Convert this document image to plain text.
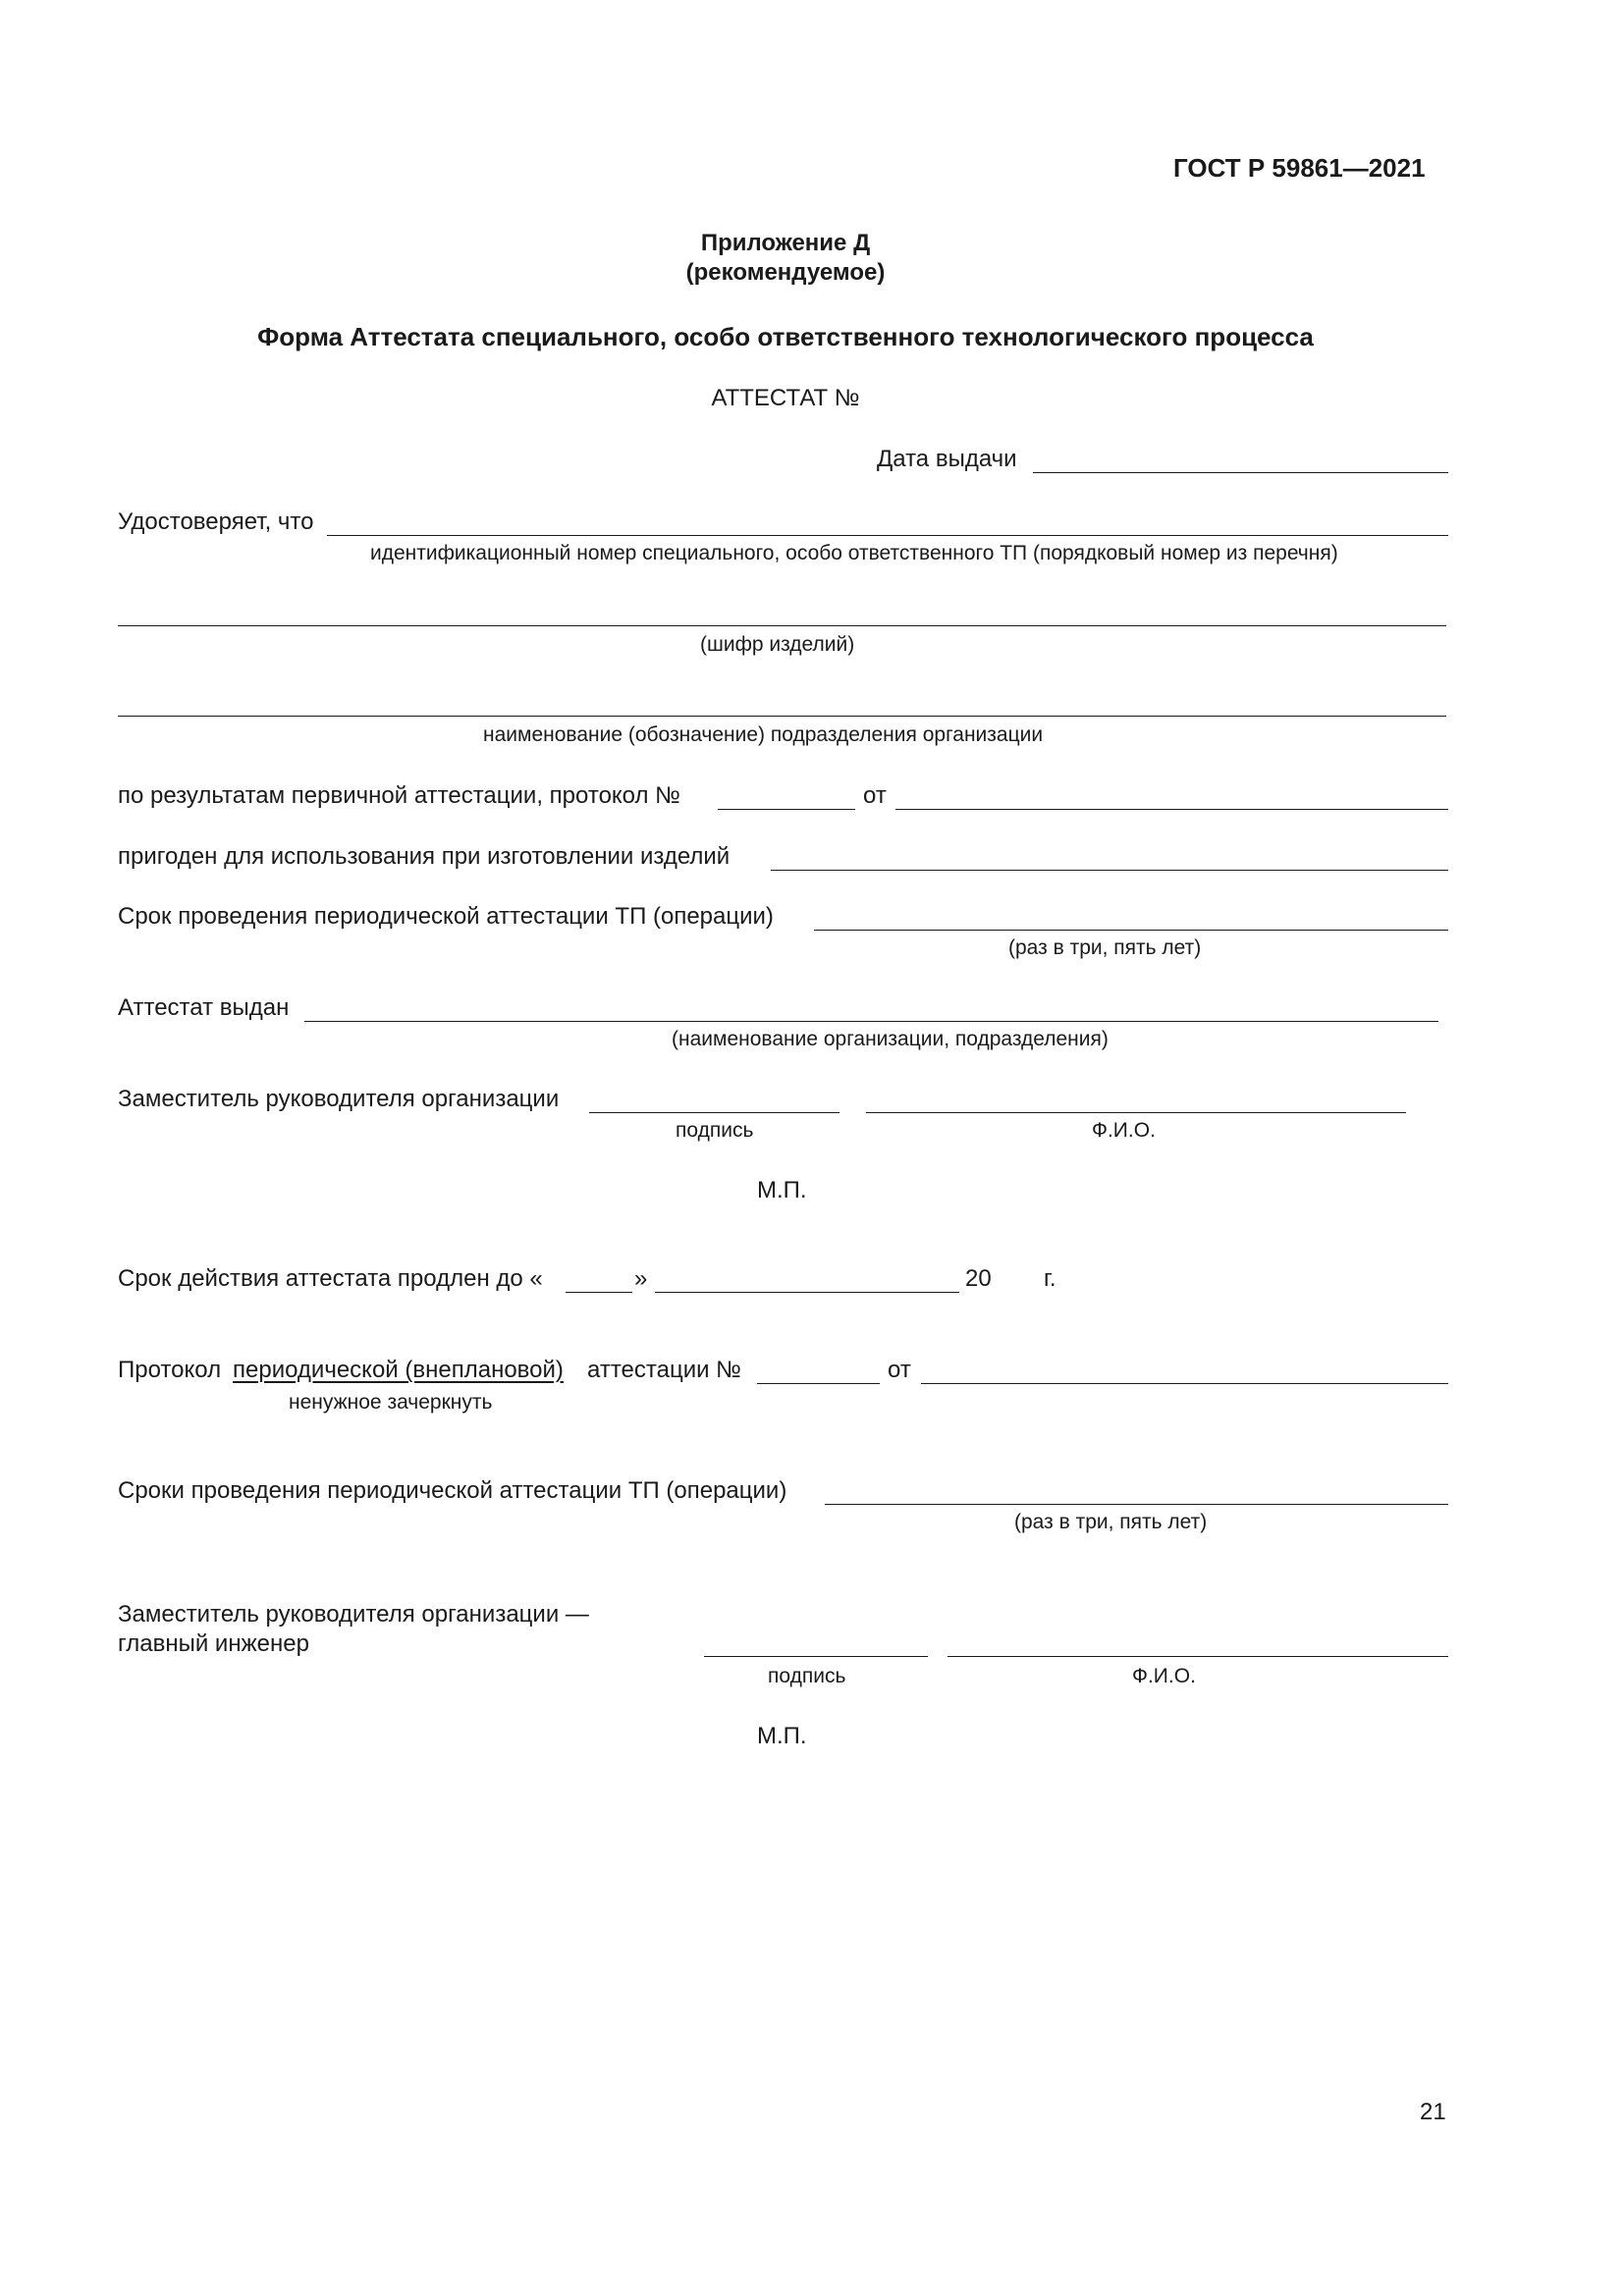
ГОСТ Р 59861—2021
Приложение Д
(рекомендуемое)
Форма Аттестата специального, особо ответственного технологического процесса
АТТЕСТАТ №
Дата выдачи
Удостоверяет, что
идентификационный номер специального, особо ответственного ТП (порядковый номер из перечня)
(шифр изделий)
наименование (обозначение) подразделения организации
по результатам первичной аттестации, протокол №	от
пригоден для использования при изготовлении изделий
Срок проведения периодической аттестации ТП (операции)
(раз в три, пять лет)
Аттестат выдан
(наименование организации, подразделения)
Заместитель руководителя организации
подпись	Ф.И.О.
М.П.
Срок действия аттестата продлен до «	»	20 г.
Протокол периодической (внеплановой) аттестации №	от
ненужное зачеркнуть
Сроки проведения периодической аттестации ТП (операции)
(раз в три, пять лет)
Заместитель руководителя организации —
главный инженер
подпись	Ф.И.О.
М.П.
21
